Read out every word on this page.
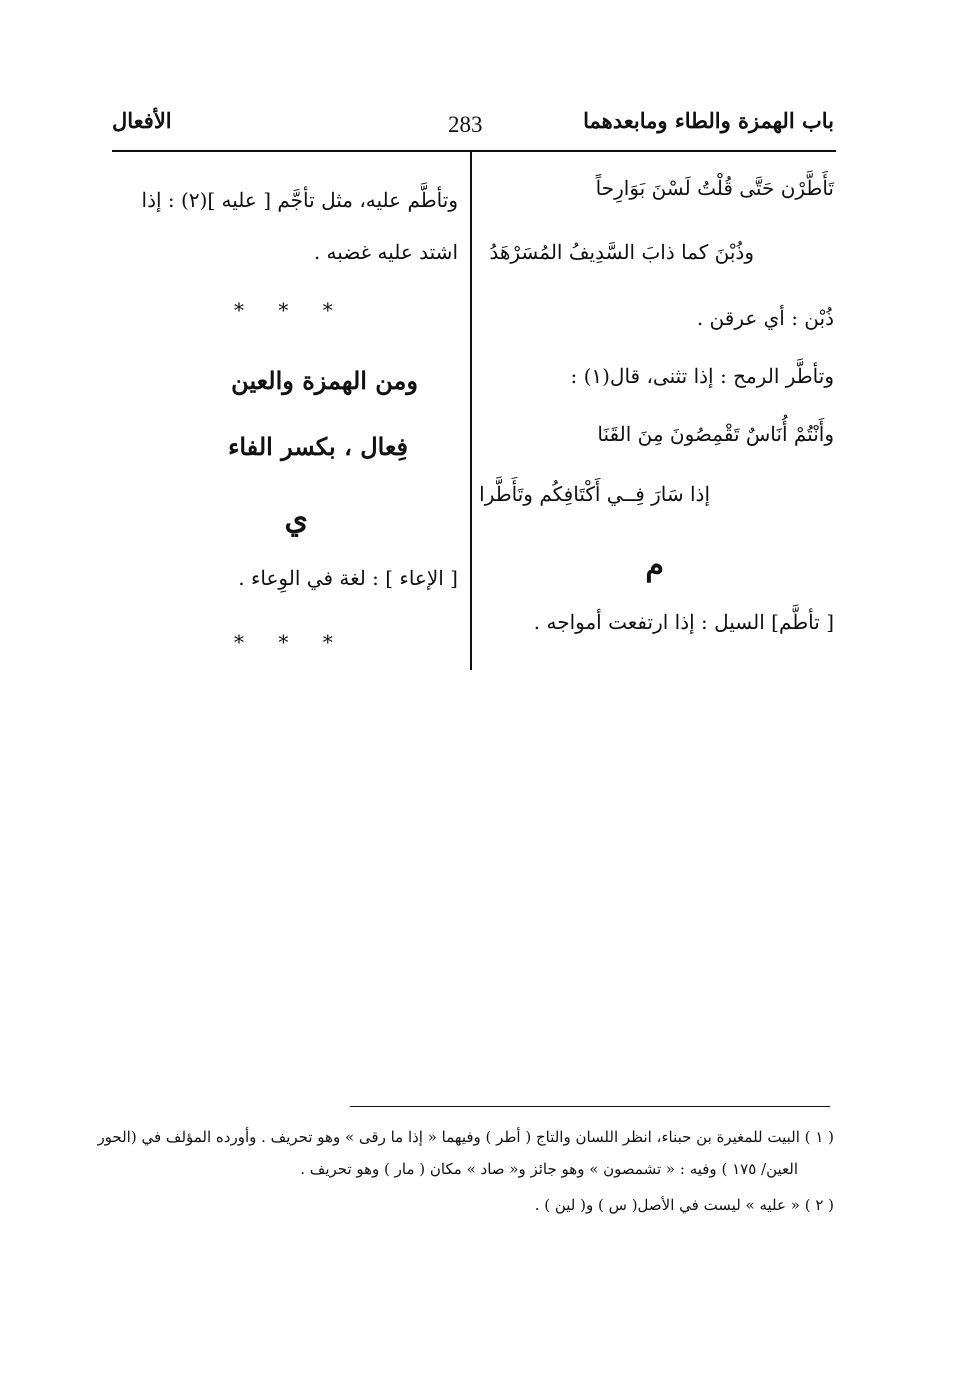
باب الهمزة والطاء ومابعدهما
283
الأفعال
تَأَطَّرْن حَتَّى قُلْتُ لَسْنَ بَوَارِحاً
وذُبْنَ كما ذابَ السَّدِيفُ المُسَرْهَدُ
ذُبْن : أي عرقن .
وتأطَّر الرمح : إذا تثنى، قال(١) :
وأَنْتُمْ أُنَاسٌ تَقْمِصُونَ مِنَ القَنَا
إذا سَارَ فِــي أَكْتَافِكُم وتَأَطَّرا
م
[ تأطَّم] السيل : إذا ارتفعت أمواجه .
وتأطَّم عليه، مثل تأجَّم [ عليه ](٢) : إذا
اشتد عليه غضبه .
ومن الهمزة والعين
فِعال ، بكسر الفاء
ي
[ الإعاء ] : لغة في الوِعاء .
* * *
* * *
( ١ ) البيت للمغيرة بن حبناء، انظر اللسان والتاج ( أطر ) وفيهما « إذا ما رقى » وهو تحريف . وأورده المؤلف في (الحور
العين/ ١٧٥ ) وفيه : « تشمصون » وهو جائز و« صاد » مكان ( مار ) وهو تحريف .
( ٢ ) « عليه » ليست في الأصل( س ) و( لين ) .
